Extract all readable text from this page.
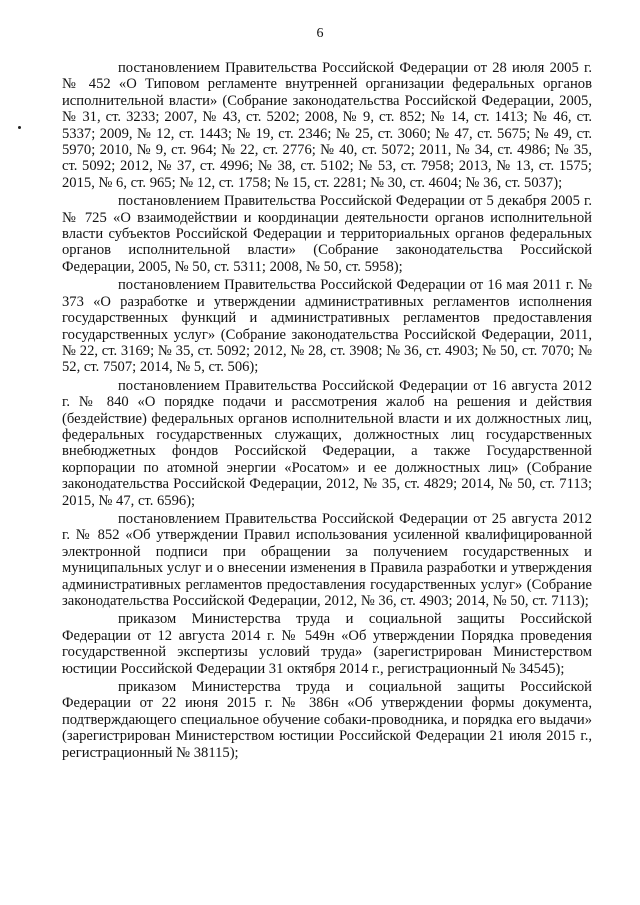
6

постановлением Правительства Российской Федерации от 28 июля 2005 г. № 452 «О Типовом регламенте внутренней организации федеральных органов исполнительной власти» (Собрание законодательства Российской Федерации, 2005, № 31, ст. 3233; 2007, № 43, ст. 5202; 2008, № 9, ст. 852; № 14, ст. 1413; № 46, ст. 5337; 2009, № 12, ст. 1443; № 19, ст. 2346; № 25, ст. 3060; № 47, ст. 5675; № 49, ст. 5970; 2010, № 9, ст. 964; № 22, ст. 2776; № 40, ст. 5072; 2011, № 34, ст. 4986; № 35, ст. 5092; 2012, № 37, ст. 4996; № 38, ст. 5102; № 53, ст. 7958; 2013, № 13, ст. 1575; 2015, № 6, ст. 965; № 12, ст. 1758; № 15, ст. 2281; № 30, ст. 4604; № 36, ст. 5037);

постановлением Правительства Российской Федерации от 5 декабря 2005 г. № 725 «О взаимодействии и координации деятельности органов исполнительной власти субъектов Российской Федерации и территориальных органов федеральных органов исполнительной власти» (Собрание законодательства Российской Федерации, 2005, № 50, ст. 5311; 2008, № 50, ст. 5958);

постановлением Правительства Российской Федерации от 16 мая 2011 г. № 373 «О разработке и утверждении административных регламентов исполнения государственных функций и административных регламентов предоставления государственных услуг» (Собрание законодательства Российской Федерации, 2011, № 22, ст. 3169; № 35, ст. 5092; 2012, № 28, ст. 3908; № 36, ст. 4903; № 50, ст. 7070; № 52, ст. 7507; 2014, № 5, ст. 506);

постановлением Правительства Российской Федерации от 16 августа 2012 г. № 840 «О порядке подачи и рассмотрения жалоб на решения и действия (бездействие) федеральных органов исполнительной власти и их должностных лиц, федеральных государственных служащих, должностных лиц государственных внебюджетных фондов Российской Федерации, а также Государственной корпорации по атомной энергии «Росатом» и ее должностных лиц» (Собрание законодательства Российской Федерации, 2012, № 35, ст. 4829; 2014, № 50, ст. 7113; 2015, № 47, ст. 6596);

постановлением Правительства Российской Федерации от 25 августа 2012 г. № 852 «Об утверждении Правил использования усиленной квалифицированной электронной подписи при обращении за получением государственных и муниципальных услуг и о внесении изменения в Правила разработки и утверждения административных регламентов предоставления государственных услуг» (Собрание законодательства Российской Федерации, 2012, № 36, ст. 4903; 2014, № 50, ст. 7113);

приказом Министерства труда и социальной защиты Российской Федерации от 12 августа 2014 г. № 549н «Об утверждении Порядка проведения государственной экспертизы условий труда» (зарегистрирован Министерством юстиции Российской Федерации 31 октября 2014 г., регистрационный № 34545);

приказом Министерства труда и социальной защиты Российской Федерации от 22 июня 2015 г. № 386н «Об утверждении формы документа, подтверждающего специальное обучение собаки-проводника, и порядка его выдачи» (зарегистрирован Министерством юстиции Российской Федерации 21 июля 2015 г., регистрационный № 38115);
